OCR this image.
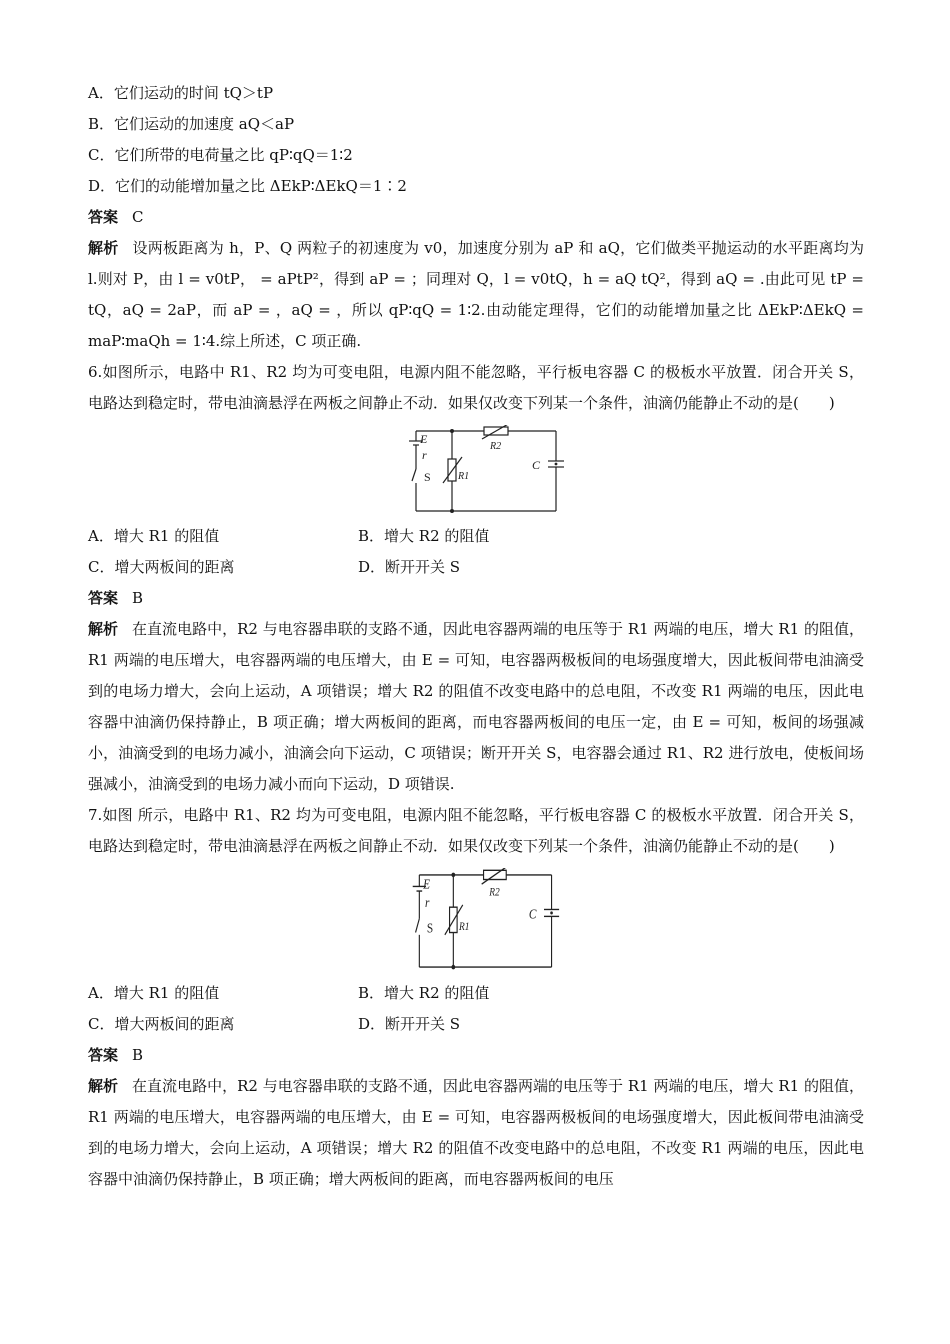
A．它们运动的时间 tQ＞tP
B．它们运动的加速度 aQ＜aP
C．它们所带的电荷量之比 qP∶qQ＝1∶2
D．它们的动能增加量之比 ΔEkP∶ΔEkQ＝1∶2
答案 C
解析 设两板距离为 h，P、Q 两粒子的初速度为 v0，加速度分别为 aP 和 aQ，它们做类平抛运动的水平距离均为 l.则对 P，由 l = v0tP， = aPtP²，得到 aP = ；同理对 Q，l = v0tQ，h = aQ tQ²，得到 aQ = .由此可见 tP = tQ，aQ = 2aP，而 aP = ，aQ = ，所以 qP∶qQ = 1∶2.由动能定理得，它们的动能增加量之比 ΔEkP∶ΔEkQ = maP∶maQh = 1∶4.综上所述，C 项正确.
6.如图所示，电路中 R1、R2 均为可变电阻，电源内阻不能忽略，平行板电容器 C 的极板水平放置．闭合开关 S，电路达到稳定时，带电油滴悬浮在两板之间静止不动．如果仅改变下列某一个条件，油滴仍能静止不动的是(　　)
E
r
S	R1
R2
C
A．增大 R1 的阻值	B．增大 R2 的阻值
C．增大两板间的距离	D．断开开关 S
答案 B
解析 在直流电路中，R2 与电容器串联的支路不通，因此电容器两端的电压等于 R1 两端的电压，增大 R1 的阻值，R1 两端的电压增大，电容器两端的电压增大，由 E = 可知，电容器两极板间的电场强度增大，因此板间带电油滴受到的电场力增大，会向上运动，A 项错误；增大 R2 的阻值不改变电路中的总电阻，不改变 R1 两端的电压，因此电容器中油滴仍保持静止，B 项正确；增大两板间的距离，而电容器两板间的电压一定，由 E = 可知，板间的场强减小，油滴受到的电场力减小，油滴会向下运动，C 项错误；断开开关 S，电容器会通过 R1、R2 进行放电，使板间场强减小，油滴受到的电场力减小而向下运动，D 项错误.
7.如图 所示，电路中 R1、R2 均为可变电阻，电源内阻不能忽略，平行板电容器 C 的极板水平放置．闭合开关 S，电路达到稳定时，带电油滴悬浮在两板之间静止不动．如果仅改变下列某一个条件，油滴仍能静止不动的是(　　)
E
r
S	R1
R2
C
A．增大 R1 的阻值	B．增大 R2 的阻值
C．增大两板间的距离	D．断开开关 S
答案 B
解析 在直流电路中，R2 与电容器串联的支路不通，因此电容器两端的电压等于 R1 两端的电压，增大 R1 的阻值，R1 两端的电压增大，电容器两端的电压增大，由 E = 可知，电容器两极板间的电场强度增大，因此板间带电油滴受到的电场力增大，会向上运动，A 项错误；增大 R2 的阻值不改变电路中的总电阻，不改变 R1 两端的电压，因此电容器中油滴仍保持静止，B 项正确；增大两板间的距离，而电容器两板间的电压
